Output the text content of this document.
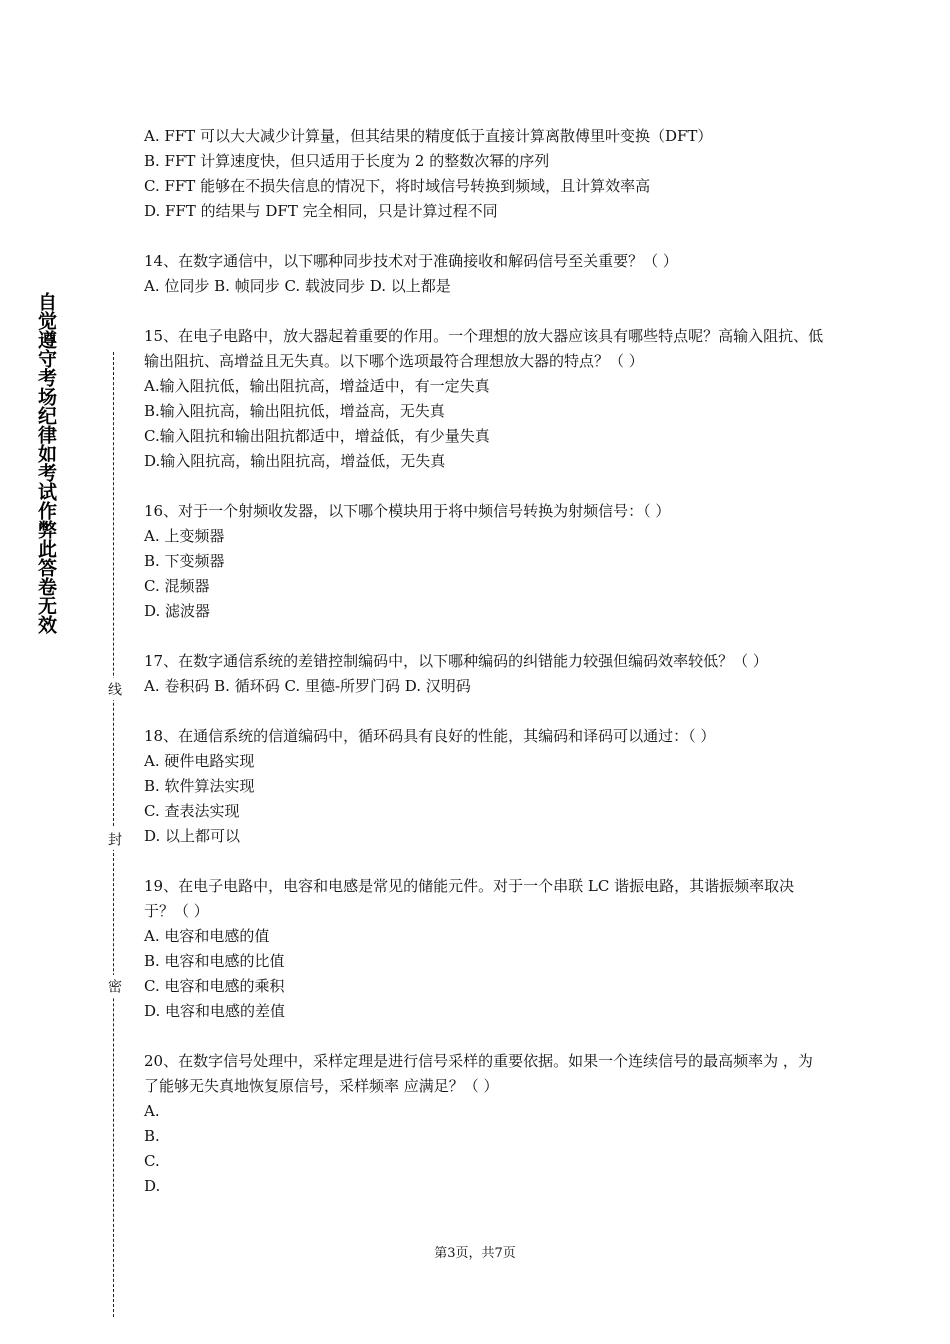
自觉遵守考场纪律如考试作弊此答卷无效
线
封
密
A. FFT 可以大大减少计算量，但其结果的精度低于直接计算离散傅里叶变换（DFT）
B. FFT 计算速度快，但只适用于长度为 2 的整数次幂的序列
C. FFT 能够在不损失信息的情况下，将时域信号转换到频域，且计算效率高
D. FFT 的结果与 DFT 完全相同，只是计算过程不同
14、在数字通信中，以下哪种同步技术对于准确接收和解码信号至关重要？（ ）
A. 位同步 B. 帧同步 C. 载波同步 D. 以上都是
15、在电子电路中，放大器起着重要的作用。一个理想的放大器应该具有哪些特点呢？高输入阻抗、低输出阻抗、高增益且无失真。以下哪个选项最符合理想放大器的特点？（ ）
A.输入阻抗低，输出阻抗高，增益适中，有一定失真
B.输入阻抗高，输出阻抗低，增益高，无失真
C.输入阻抗和输出阻抗都适中，增益低，有少量失真
D.输入阻抗高，输出阻抗高，增益低，无失真
16、对于一个射频收发器，以下哪个模块用于将中频信号转换为射频信号：（ ）
A. 上变频器
B. 下变频器
C. 混频器
D. 滤波器
17、在数字通信系统的差错控制编码中，以下哪种编码的纠错能力较强但编码效率较低？（ ）
A. 卷积码 B. 循环码 C. 里德-所罗门码 D. 汉明码
18、在通信系统的信道编码中，循环码具有良好的性能，其编码和译码可以通过：（ ）
A. 硬件电路实现
B. 软件算法实现
C. 查表法实现
D. 以上都可以
19、在电子电路中，电容和电感是常见的储能元件。对于一个串联 LC 谐振电路，其谐振频率取决于？（ ）
A. 电容和电感的值
B. 电容和电感的比值
C. 电容和电感的乘积
D. 电容和电感的差值
20、在数字信号处理中，采样定理是进行信号采样的重要依据。如果一个连续信号的最高频率为 ，为了能够无失真地恢复原信号，采样频率 应满足？（ ）
A.
B.
C.
D.
第3页，共7页
